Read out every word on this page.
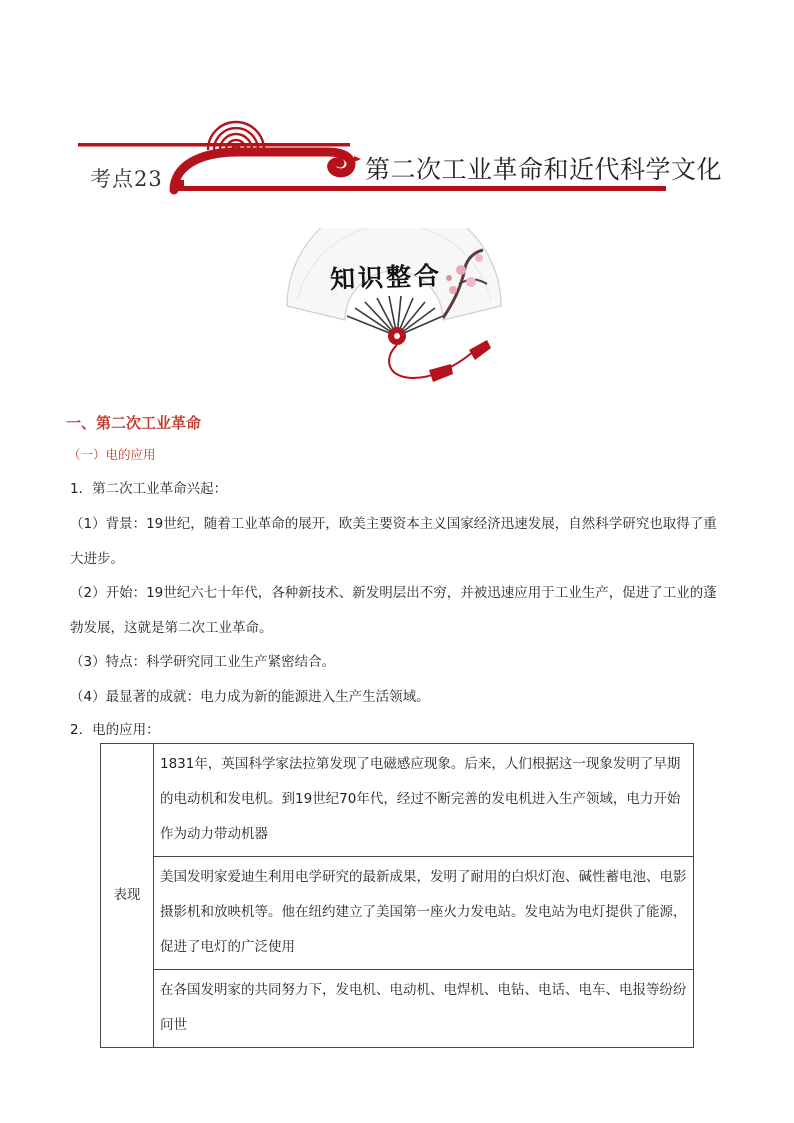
考点23	第二次工业革命和近代科学文化
知识整合
一、第二次工业革命
（一）电的应用
1．第二次工业革命兴起：
（1）背景：19世纪，随着工业革命的展开，欧美主要资本主义国家经济迅速发展，自然科学研究也取得了重大进步。
（2）开始：19世纪六七十年代，各种新技术、新发明层出不穷，并被迅速应用于工业生产，促进了工业的蓬勃发展，这就是第二次工业革命。
（3）特点：科学研究同工业生产紧密结合。
（4）最显著的成就：电力成为新的能源进入生产生活领域。
2．电的应用：
表现	1831年，英国科学家法拉第发现了电磁感应现象。后来，人们根据这一现象发明了早期的电动机和发电机。到19世纪70年代，经过不断完善的发电机进入生产领域，电力开始作为动力带动机器
美国发明家爱迪生利用电学研究的最新成果，发明了耐用的白炽灯泡、碱性蓄电池、电影摄影机和放映机等。他在纽约建立了美国第一座火力发电站。发电站为电灯提供了能源，促进了电灯的广泛使用
在各国发明家的共同努力下，发电机、电动机、电焊机、电钻、电话、电车、电报等纷纷问世
